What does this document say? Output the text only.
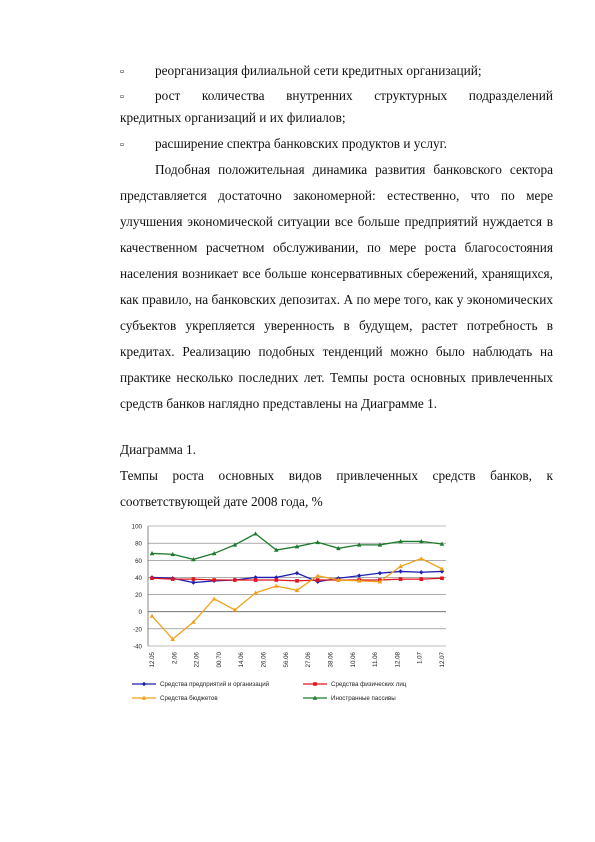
▫ реорганизация филиальной сети кредитных организаций;
▫ рост количества внутренних структурных подразделений
кредитных организаций и их филиалов;
▫ расширение спектра банковских продуктов и услуг.
Подобная положительная динамика развития банковского сектора
представляется достаточно закономерной: естественно, что по мере
улучшения экономической ситуации все больше предприятий нуждается в
качественном расчетном обслуживании, по мере роста благосостояния
населения возникает все больше консервативных сбережений, хранящихся,
как правило, на банковских депозитах. А по мере того, как у экономических
субъектов укрепляется уверенность в будущем, растет потребность в
кредитах. Реализацию подобных тенденций можно было наблюдать на
практике несколько последних лет. Темпы роста основных привлеченных
средств банков наглядно представлены на Диаграмме 1.
Диаграмма 1.
Темпы роста основных видов привлеченных средств банков, к
соответствующей дате 2008 года, %
-40
-20
0
20
40
60
80
100
12.05 2.06 22.06 00.70 14.06 26.06 56.06 27.06 38.06 10.06 11.06 12.08 1.07 12.07
Средства предприятий и организаций	Средства физических лиц
Средства бюджетов	Иностранные пассивы
